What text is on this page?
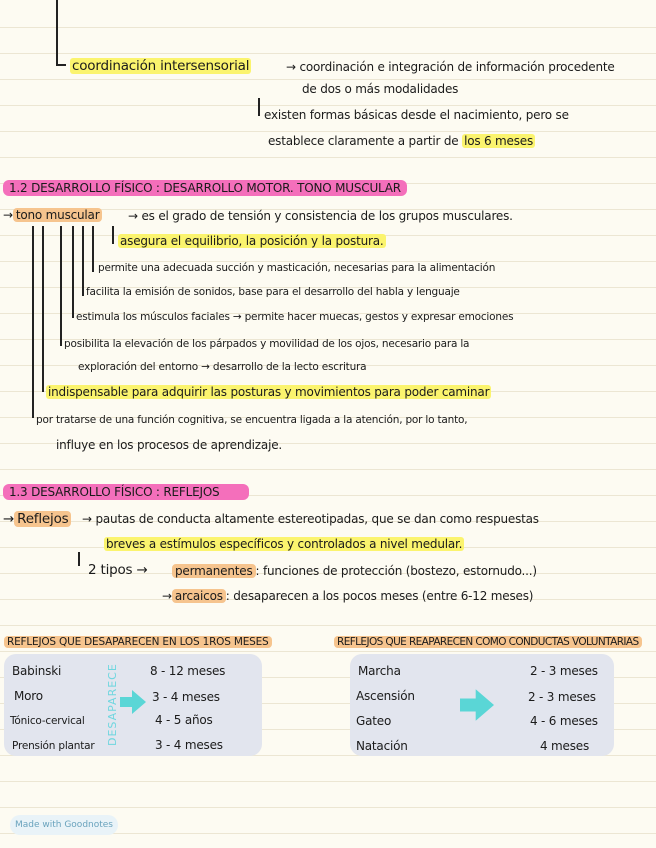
coordinación intersensorial	→ coordinación e integración de información procedente
de dos o más modalidades
existen formas básicas desde el nacimiento, pero se
establece claramente a partir de los 6 meses
1.2 DESARROLLO FÍSICO : DESARROLLO MOTOR. TONO MUSCULAR
→ tono muscular → es el grado de tensión y consistencia de los grupos musculares.
asegura el equilibrio, la posición y la postura.
permite una adecuada succión y masticación, necesarias para la alimentación
facilita la emisión de sonidos, base para el desarrollo del habla y lenguaje
estimula los músculos faciales → permite hacer muecas, gestos y expresar emociones
posibilita la elevación de los párpados y movilidad de los ojos, necesario para la
exploración del entorno → desarrollo de la lecto escritura
indispensable para adquirir las posturas y movimientos para poder caminar
por tratarse de una función cognitiva, se encuentra ligada a la atención, por lo tanto,
influye en los procesos de aprendizaje.
1.3 DESARROLLO FÍSICO : REFLEJOS
→ Reflejos → pautas de conducta altamente estereotipadas, que se dan como respuestas
breves a estímulos específicos y controlados a nivel medular.
2 tipos → permanentes : funciones de protección (bostezo, estornudo...)
→ arcaicos : desaparecen a los pocos meses (entre 6-12 meses)
REFLEJOS QUE DESAPARECEN EN LOS 1ROS MESES
DESAPARECE
Babinski	8 - 12 meses
Moro	3 - 4 meses
Tónico-cervical	4 - 5 años
Prensión plantar	3 - 4 meses
REFLEJOS QUE REAPARECEN COMO CONDUCTAS VOLUNTARIAS
Marcha	2 - 3 meses
Ascensión	2 - 3 meses
Gateo	4 - 6 meses
Natación	4 meses
Made with Goodnotes
